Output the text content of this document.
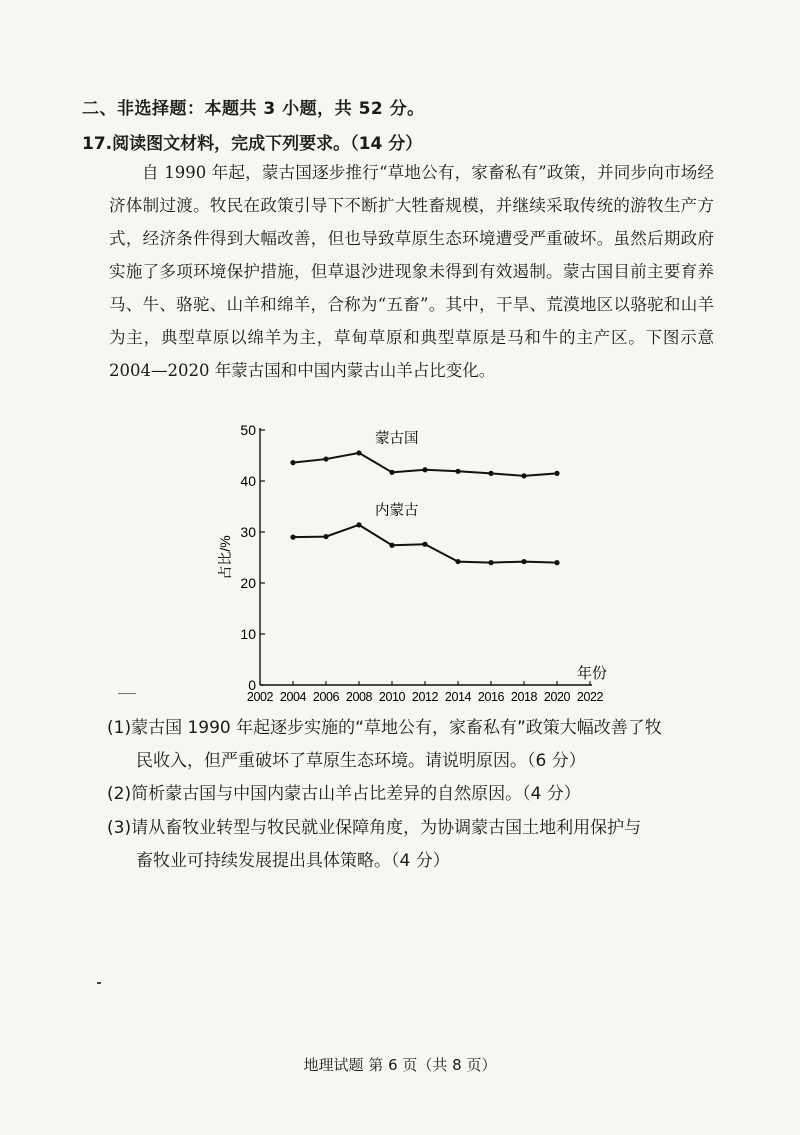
二、非选择题：本题共 3 小题，共 52 分。
17.阅读图文材料，完成下列要求。（14 分）

自 1990 年起，蒙古国逐步推行“草地公有，家畜私有”政策，并同步向市场经济体制过渡。牧民在政策引导下不断扩大牲畜规模，并继续采取传统的游牧生产方式，经济条件得到大幅改善，但也导致草原生态环境遭受严重破坏。虽然后期政府实施了多项环境保护措施，但草退沙进现象未得到有效遏制。蒙古国目前主要育养马、牛、骆驼、山羊和绵羊，合称为“五畜”。其中，干旱、荒漠地区以骆驼和山羊为主，典型草原以绵羊为主，草甸草原和典型草原是马和牛的主产区。下图示意 2004—2020 年蒙古国和中国内蒙古山羊占比变化。

0
10
20
30
40
50
2002 2004 2006 2008 2010 2012 2014 2016 2018 2020 2022
占比/%
年份
蒙古国
内蒙古
(1)蒙古国 1990 年起逐步实施的“草地公有，家畜私有”政策大幅改善了牧
民收入，但严重破坏了草原生态环境。请说明原因。（6 分）
(2)简析蒙古国与中国内蒙古山羊占比差异的自然原因。（4 分）
(3)请从畜牧业转型与牧民就业保障角度，为协调蒙古国土地利用保护与
畜牧业可持续发展提出具体策略。（4 分）
地理试题 第 6 页（共 8 页）
